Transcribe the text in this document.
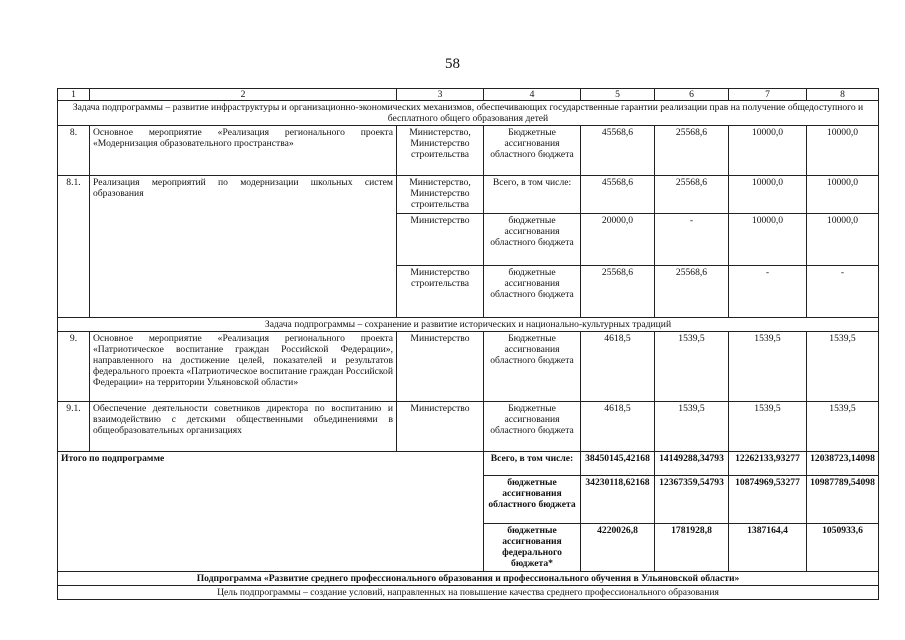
58
1	2	3	4	5	6	7	8
Задача подпрограммы – развитие инфраструктуры и организационно-экономических механизмов, обеспечивающих государственные гарантии реализации прав на получение общедоступного и бесплатного общего образования детей							
8.	Основное мероприятие «Реализация регионального проекта «Модернизация образовательного пространства»	Министерство, Министерство строительства	Бюджетные ассигнования областного бюджета	45568,6	25568,6	10000,0	10000,0
8.1.	Реализация мероприятий по модернизации школьных систем образования	Министерство, Министерство строительства	Всего, в том числе:	45568,6	25568,6	10000,0	10000,0
		Министерство	бюджетные ассигнования областного бюджета	20000,0	-	10000,0	10000,0
		Министерство строительства	бюджетные ассигнования областного бюджета	25568,6	25568,6	-	-
Задача подпрограммы – сохранение и развитие исторических и национально-культурных традиций							
9.	Основное мероприятие «Реализация регионального проекта «Патриотическое воспитание граждан Российской Федерации», направленного на достижение целей, показателей и результатов федерального проекта «Патриотическое воспитание граждан Российской Федерации» на территории Ульяновской области»	Министерство	Бюджетные ассигнования областного бюджета	4618,5	1539,5	1539,5	1539,5
9.1.	Обеспечение деятельности советников директора по воспитанию и взаимодействию с детскими общественными объединениями в общеобразовательных организациях	Министерство	Бюджетные ассигнования областного бюджета	4618,5	1539,5	1539,5	1539,5
Итого по подпрограмме			Всего, в том числе:	38450145,42168	14149288,34793	12262133,93277	12038723,14098
			бюджетные ассигнования областного бюджета	34230118,62168	12367359,54793	10874969,53277	10987789,54098
			бюджетные ассигнования федерального бюджета*	4220026,8	1781928,8	1387164,4	1050933,6
Подпрограмма «Развитие среднего профессионального образования и профессионального обучения в Ульяновской области»							
Цель подпрограммы – создание условий, направленных на повышение качества среднего профессионального образования							
